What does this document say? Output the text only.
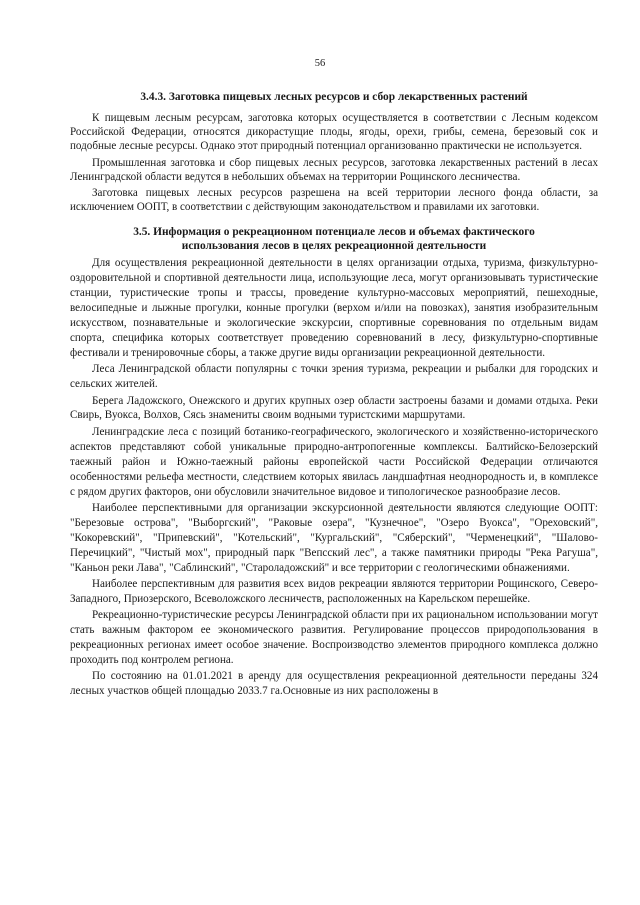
56
3.4.3. Заготовка пищевых лесных ресурсов и сбор лекарственных растений

К пищевым лесным ресурсам, заготовка которых осуществляется в соответствии с Лесным кодексом Российской Федерации, относятся дикорастущие плоды, ягоды, орехи, грибы, семена, березовый сок и подобные лесные ресурсы. Однако этот природный потенциал организованно практически не используется.

Промышленная заготовка и сбор пищевых лесных ресурсов, заготовка лекарственных растений в лесах Ленинградской области ведутся в небольших объемах на территории Рощинского лесничества.

Заготовка пищевых лесных ресурсов разрешена на всей территории лесного фонда области, за исключением ООПТ, в соответствии с действующим законодательством и правилами их заготовки.

3.5. Информация о рекреационном потенциале лесов и объемах фактического
использования лесов в целях рекреационной деятельности

Для осуществления рекреационной деятельности в целях организации отдыха, туризма, физкультурно-оздоровительной и спортивной деятельности лица, использующие леса, могут организовывать туристические станции, туристические тропы и трассы, проведение культурно-массовых мероприятий, пешеходные, велосипедные и лыжные прогулки, конные прогулки (верхом и/или на повозках), занятия изобразительным искусством, познавательные и экологические экскурсии, спортивные соревнования по отдельным видам спорта, специфика которых соответствует проведению соревнований в лесу, физкультурно-спортивные фестивали и тренировочные сборы, а также другие виды организации рекреационной деятельности.

Леса Ленинградской области популярны с точки зрения туризма, рекреации и рыбалки для городских и сельских жителей.

Берега Ладожского, Онежского и других крупных озер области застроены базами и домами отдыха. Реки Свирь, Вуокса, Волхов, Сясь знамениты своим водными туристскими маршрутами.

Ленинградские леса с позиций ботанико-географического, экологического и хозяйственно-исторического аспектов представляют собой уникальные природно-антропогенные комплексы. Балтийско-Белозерский таежный район и Южно-таежный районы европейской части Российской Федерации отличаются особенностями рельефа местности, следствием которых явилась ландшафтная неоднородность и, в комплексе с рядом других факторов, они обусловили значительное видовое и типологическое разнообразие лесов.

Наиболее перспективными для организации экскурсионной деятельности являются следующие ООПТ: "Березовые острова", "Выборгский", "Раковые озера", "Кузнечное", "Озеро Вуокса", "Ореховский", "Кокоревский", "Припевский", "Котельский", "Кургальский", "Сяберский", "Черменецкий", "Шалово-Перечицкий", "Чистый мох", природный парк "Вепсский лес", а также памятники природы "Река Рагуша", "Каньон реки Лава", "Саблинский", "Староладожский" и все территории с геологическими обнажениями.

Наиболее перспективным для развития всех видов рекреации являются территории Рощинского, Северо-Западного, Приозерского, Всеволожского лесничеств, расположенных на Карельском перешейке.

Рекреационно-туристические ресурсы Ленинградской области при их рациональном использовании могут стать важным фактором ее экономического развития. Регулирование процессов природопользования в рекреационных регионах имеет особое значение. Воспроизводство элементов природного комплекса должно проходить под контролем региона.

По состоянию на 01.01.2021 в аренду для осуществления рекреационной деятельности переданы 324 лесных участков общей площадью 2033.7 га.Основные из них расположены в
